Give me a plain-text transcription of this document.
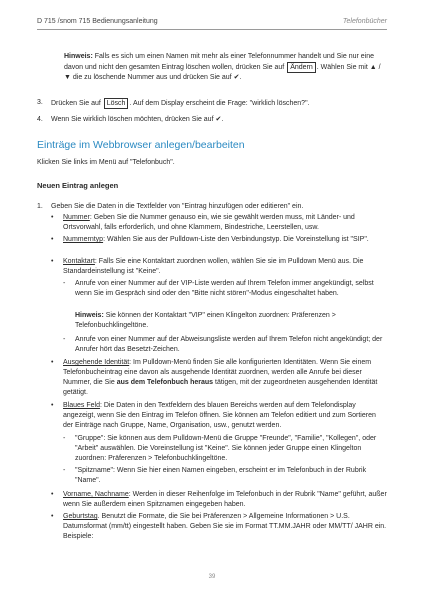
D 715 /snom 715 Bedienungsanleitung	Telefonbücher
Hinweis: Falls es sich um einen Namen mit mehr als einer Telefonnummer handelt und Sie nur eine davon und nicht den gesamten Eintrag löschen wollen, drücken Sie auf Ändern . Wählen Sie mit ▲ / ▼ die zu löschende Nummer aus und drücken Sie auf ✔.
3. Drücken Sie auf Lösch . Auf dem Display erscheint die Frage: "wirklich löschen?".
4. Wenn Sie wirklich löschen möchten, drücken Sie auf ✔.
Einträge im Webbrowser anlegen/bearbeiten
Klicken Sie links im Menü auf "Telefonbuch".
Neuen Eintrag anlegen
1. Geben Sie die Daten in die Textfelder von "Eintrag hinzufügen oder editieren" ein.
• Nummer: Geben Sie die Nummer genauso ein, wie sie gewählt werden muss, mit Länder- und Ortsvorwahl, falls erforderlich, und ohne Klammern, Bindestriche, Leerstellen, usw.
• Nummerntyp: Wählen Sie aus der Pulldown-Liste den Verbindungstyp. Die Voreinstellung ist "SIP".
• Kontaktart: Falls Sie eine Kontaktart zuordnen wollen, wählen Sie sie im Pulldown Menü aus. Die Standardeinstellung ist "Keine".
- Anrufe von einer Nummer auf der VIP-Liste werden auf Ihrem Telefon immer angekündigt, selbst wenn Sie im Gespräch sind oder den "Bitte nicht stören"-Modus eingeschaltet haben.
Hinweis: Sie können der Kontaktart "VIP" einen Klingelton zuordnen: Präferenzen > Telefonbuchklingeltöne.
- Anrufe von einer Nummer auf der Abweisungsliste werden auf Ihrem Telefon nicht angekündigt; der Anrufer hört das Besetzt-Zeichen.
• Ausgehende Identität: Im Pulldown-Menü finden Sie alle konfigurierten Identitäten. Wenn Sie einem Telefonbucheintrag eine davon als ausgehende Identität zuordnen, werden alle Anrufe bei dieser Nummer, die Sie aus dem Telefonbuch heraus tätigen, mit der zugeordneten ausgehenden Identität getätigt.
• Blaues Feld: Die Daten in den Textfeldern des blauen Bereichs werden auf dem Telefondisplay angezeigt, wenn Sie den Eintrag im Telefon öffnen. Sie können am Telefon editiert und zum Sortieren der Einträge nach Gruppe, Name, Organisation, usw., genutzt werden.
- "Gruppe": Sie können aus dem Pulldown-Menü die Gruppe "Freunde", "Familie", "Kollegen", oder "Arbeit" auswählen. Die Voreinstellung ist "Keine". Sie können jeder Gruppe einen Klingelton zuordnen: Präferenzen > Telefonbuchklingeltöne.
- "Spitzname": Wenn Sie hier einen Namen eingeben, erscheint er im Telefonbuch in der Rubrik "Name".
• Vorname, Nachname: Werden in dieser Reihenfolge im Telefonbuch in der Rubrik "Name" geführt, außer wenn Sie außerdem einen Spitznamen eingegeben haben.
• Geburtstag. Benutzt die Formate, die Sie bei Präferenzen > Allgemeine Informationen > U.S. Datumsformat (mm/tt) eingestellt haben. Geben Sie sie im Format TT.MM.JAHR oder MM/TT/ JAHR ein. Beispiele:
39
